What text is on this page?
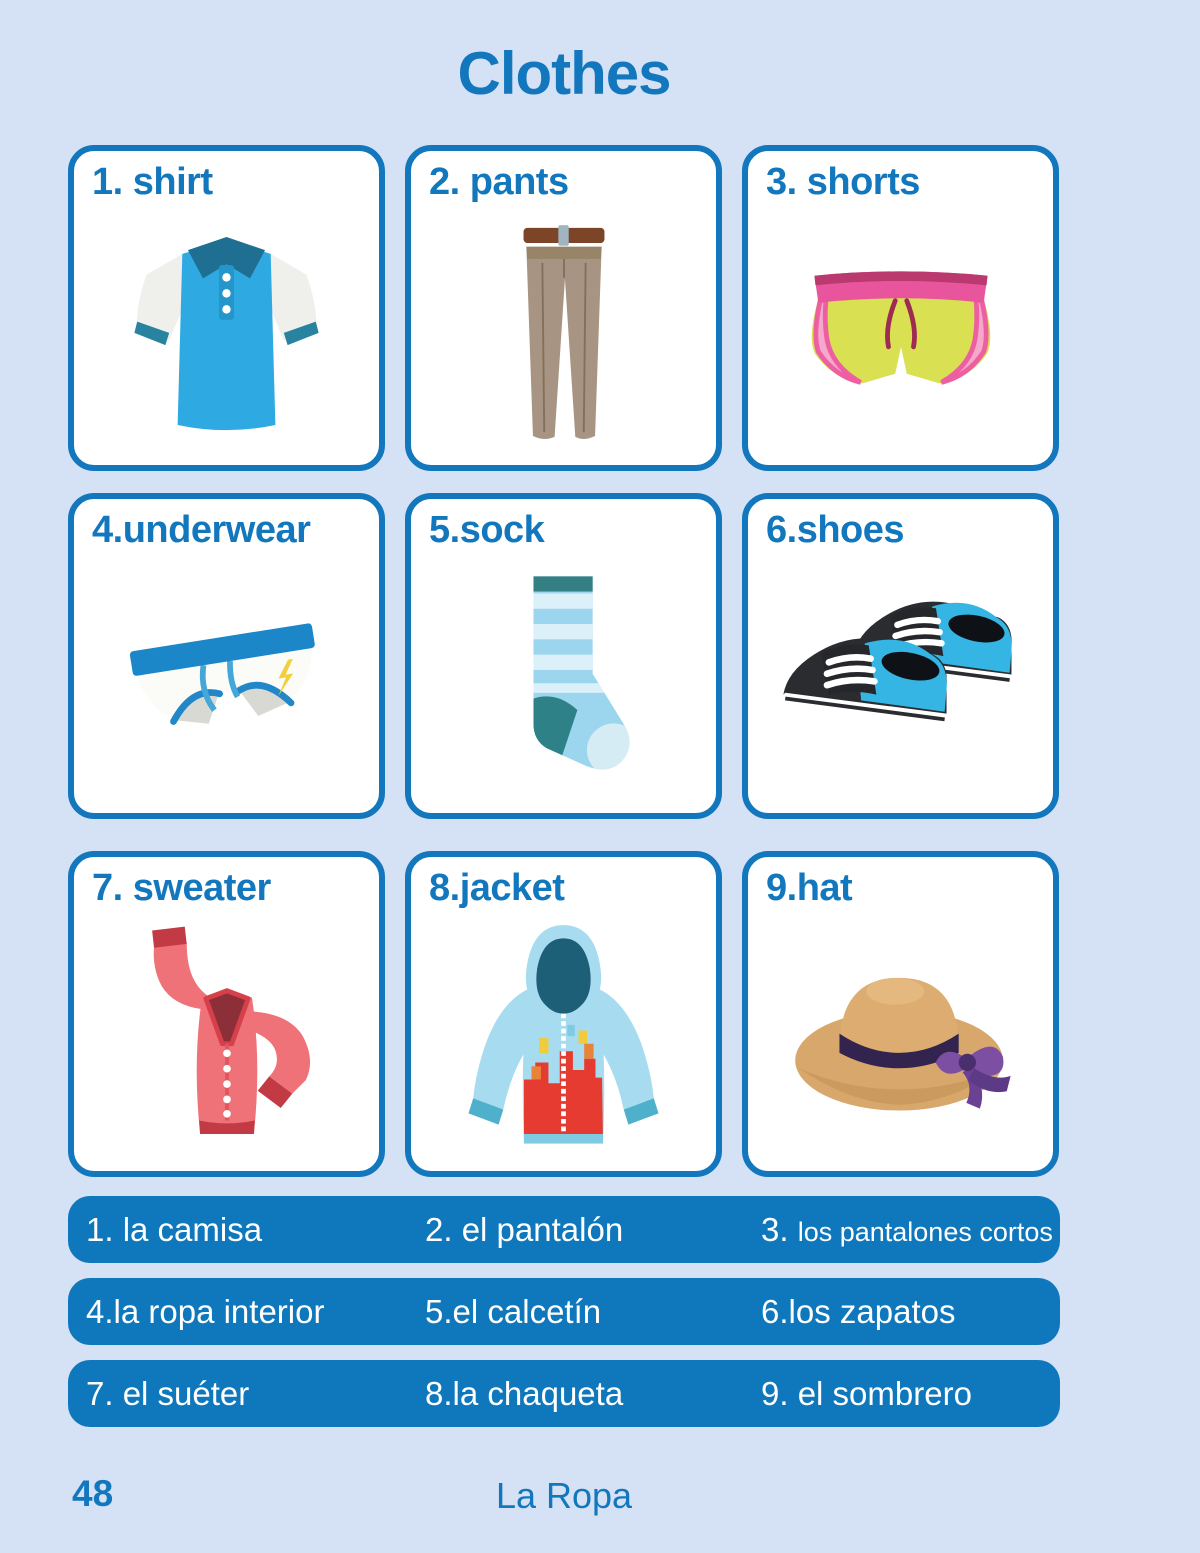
Clothes
1. shirt	2. pants	3. shorts
4.underwear	5.sock	6.shoes
7. sweater	8.jacket	9.hat
1. la camisa	2. el pantalón	3. los pantalones cortos
4.la ropa interior	5.el calcetín	6.los zapatos
7. el suéter	8.la chaqueta	9. el sombrero
48	La Ropa
